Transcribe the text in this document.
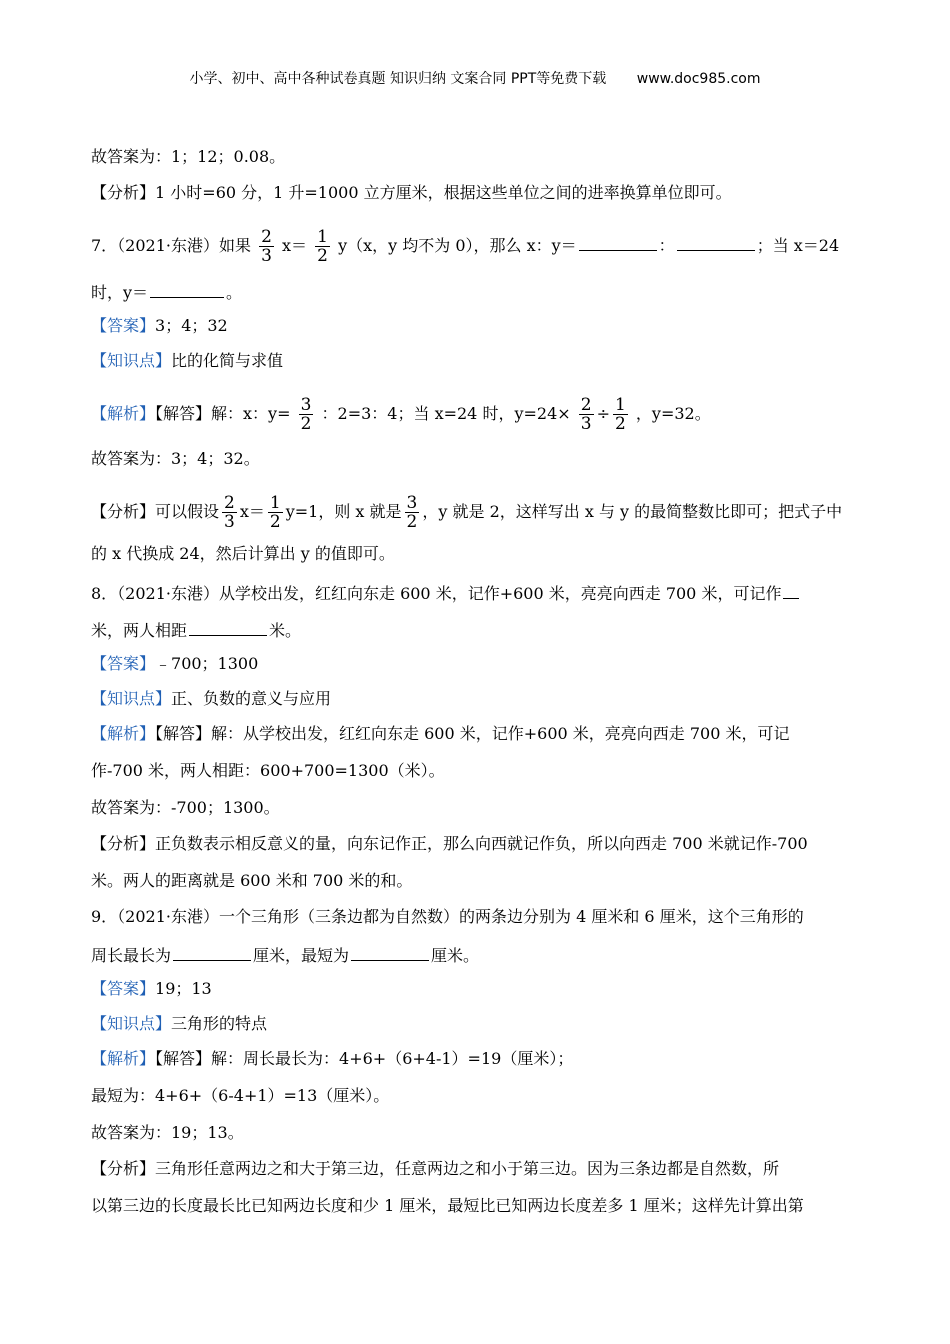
小学、初中、高中各种试卷真题 知识归纳 文案合同 PPT等免费下载 www.doc985.com
故答案为：1；12；0.08。
【分析】1 小时=60 分，1 升=1000 立方厘米，根据这些单位之间的进率换算单位即可。
7．（2021·东港）如果 $\frac{2}{3} x= \frac{1}{2} y(x$，y 均不为 0），那么 x：y＝	：	；当 x＝24
时，y＝	。
【答案】3；4；32
【知识点】比的化简与求值
【解析】【解答】解：x：$y= \frac{3}{2}$ ：2=3：4；当 x=24 时，$y=24\times \frac{2}{3} \div \frac{1}{2}$ ，y=32。
故答案为：3；4；32。
【分析】可以假设 $\frac{2}{3} x= \frac{1}{2} y=1$，则 x 就是 $\frac{3}{2}$ ，y 就是 2，这样写出 x 与 y 的最简整数比即可；把式子中
的 x 代换成 24，然后计算出 y 的值即可。
8．（2021·东港）从学校出发，红红向东走 600 米，记作+600 米，亮亮向西走 700 米，可记作
米，两人相距	米。
【答案】﹣700；1300
【知识点】正、负数的意义与应用
【解析】【解答】解：从学校出发，红红向东走 600 米，记作+600 米，亮亮向西走 700 米，可记
作-700 米，两人相距：600+700=1300（米）。
故答案为：-700；1300。
【分析】正负数表示相反意义的量，向东记作正，那么向西就记作负，所以向西走 700 米就记作-700
米。两人的距离就是 600 米和 700 米的和。
9．（2021·东港）一个三角形（三条边都为自然数）的两条边分别为 4 厘米和 6 厘米，这个三角形的
周长最长为	厘米，最短为	厘米。
【答案】19；13
【知识点】三角形的特点
【解析】【解答】解：周长最长为：4+6+（6+4-1）=19（厘米）；
最短为：4+6+（6-4+1）=13（厘米）。
故答案为：19；13。
【分析】三角形任意两边之和大于第三边，任意两边之和小于第三边。因为三条边都是自然数，所
以第三边的长度最长比已知两边长度和少 1 厘米，最短比已知两边长度差多 1 厘米；这样先计算出第
